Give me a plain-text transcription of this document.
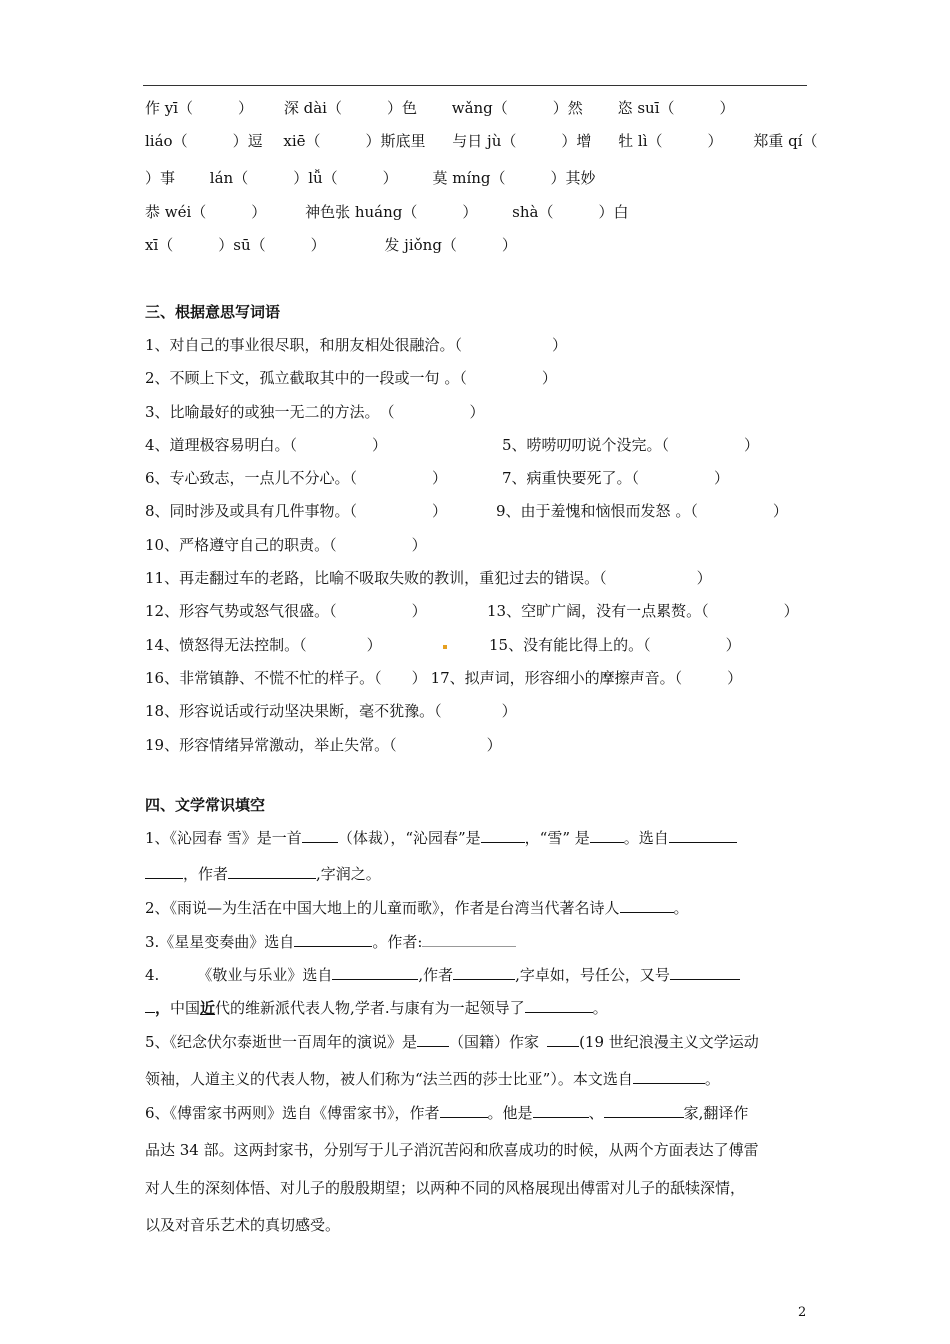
作 yī（　　　） 深 dài（　　　）色 wǎng（　　　）然 恣 suī（　　　）
liáo（　　　）逗 xiē（　　　）斯底里 与日 jù（　　　）增 牡 lì（　　　） 郑重 qí（
）事 lán（　　　）lǚ（　　　） 莫 míng（　　　）其妙
恭 wéi（　　　）	神色张 huáng（　　　） shà（　　　）白
xī（　　　）sū（　　　）	发 jiǒng（　　　）
三、根据意思写词语
1、对自己的事业很尽职，和朋友相处很融洽。（　　　　　　）
2、不顾上下文，孤立截取其中的一段或一句 。（　　　　　）
3、比喻最好的或独一无二的方法。　（　　　　　）
4、道理极容易明白。（　　　　　）	5、唠唠叨叨说个没完。（　　　　　）
6、专心致志，一点儿不分心。（　　　　　）	7、病重快要死了。（　　　　　）
8、同时涉及或具有几件事物。（　　　　　）	9、由于羞愧和恼恨而发怒 。（　　　　　）
10、严格遵守自己的职责。（　　　　　）
11、再走翻过车的老路，比喻不吸取失败的教训，重犯过去的错误。（　　　　　　）
12、形容气势或怒气很盛。（　　　　　）	13、空旷广阔，没有一点累赘。（　　　　　）
14、愤怒得无法控制。（　　　　）	15、没有能比得上的。（　　　　　）
16、非常镇静、不慌不忙的样子。（　　） 17、拟声词，形容细小的摩擦声音。（　　　）
18、形容说话或行动坚决果断，毫不犹豫。（　　　　）
19、形容情绪异常激动，举止失常。（　　　　　　）
四、文学常识填空
1、《沁园春 雪》是一首 （体裁），“沁园春”是	，“雪” 是 。选自
，作者	,字润之。
2、《雨说—为生活在中国大地上的儿童而歌》，作者是台湾当代著名诗人	。
3.《星星变奏曲》选自	。作者:
4.	《敬业与乐业》选自	,作者	,字卓如，号任公，又号
，中国近代的维新派代表人物,学者.与康有为一起领导了	。
5、《纪念伏尔泰逝世一百周年的演说》是 （国籍）作家	(19 世纪浪漫主义文学运动
领袖，人道主义的代表人物，被人们称为“法兰西的莎士比亚”）。本文选自	。
6、《傅雷家书两则》选自《傅雷家书》，作者	。他是	、	家,翻译作
品达 34 部。这两封家书，分别写于儿子消沉苦闷和欣喜成功的时候，从两个方面表达了傅雷
对人生的深刻体悟、对儿子的殷殷期望；以两种不同的风格展现出傅雷对儿子的舐犊深情，
以及对音乐艺术的真切感受。
2
